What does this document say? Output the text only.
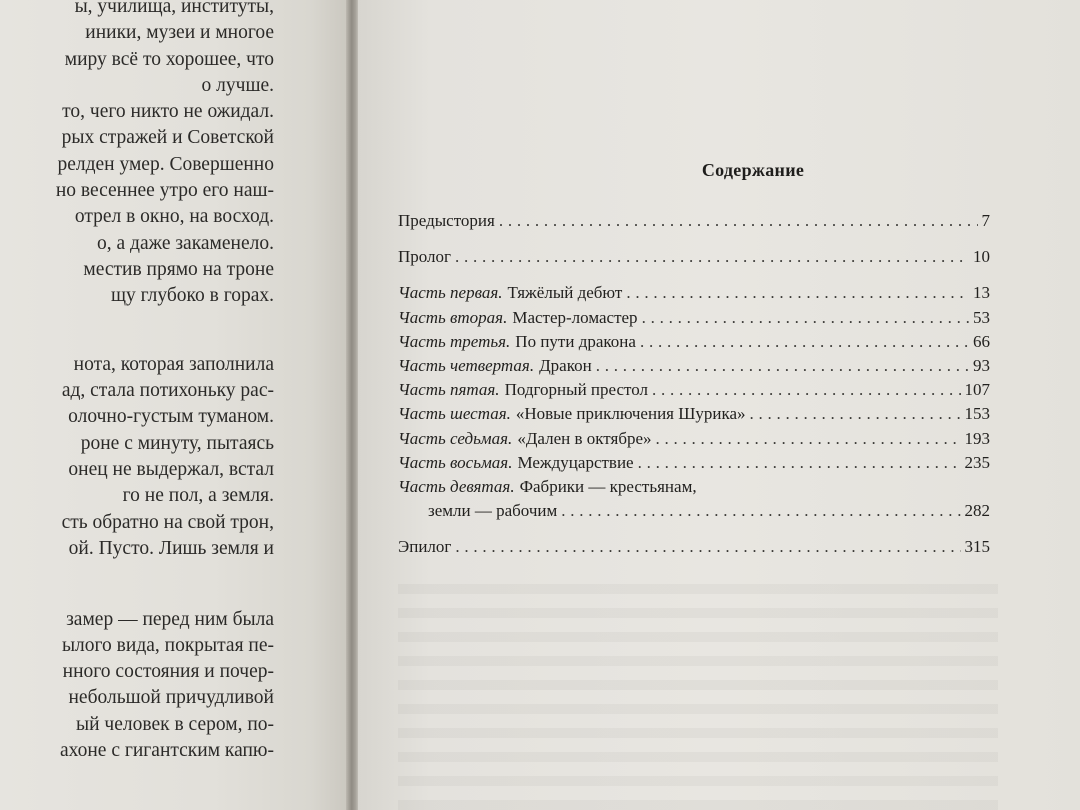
ы, училища, институты,
иники, музеи и многое
миру всё то хорошее, что
о лучше.
то, чего никто не ожидал.
рых стражей и Советской
релден умер. Совершенно
но весеннее утро его наш-
отрел в окно, на восход.
о, а даже закаменело.
местив прямо на троне
щу глубоко в горах.
нота, которая заполнила
ад, стала потихоньку рас-
олочно-густым туманом.
роне с минуту, пытаясь
онец не выдержал, встал
го не пол, а земля.
сть обратно на свой трон,
ой. Пусто. Лишь земля и
замер — перед ним была
ылого вида, покрытая пе-
нного состояния и почер-
небольшой причудливой
ый человек в сером, по-
ахоне с гигантским капю-
Содержание
Предыстория . . .	7
Пролог . . .	10
Часть первая. Тяжёлый дебют . . .	13
Часть вторая. Мастер-ломастер . . .	53
Часть третья. По пути дракона . . .	66
Часть четвертая. Дракон . . .	93
Часть пятая. Подгорный престол . . .	107
Часть шестая. «Новые приключения Шурика» . . .	153
Часть седьмая. «Дален в октябре» . . .	193
Часть восьмая. Междуцарствие . . .	235
Часть девятая. Фабрики — крестьянам,
земли — рабочим . . .	282
Эпилог . . .	315
